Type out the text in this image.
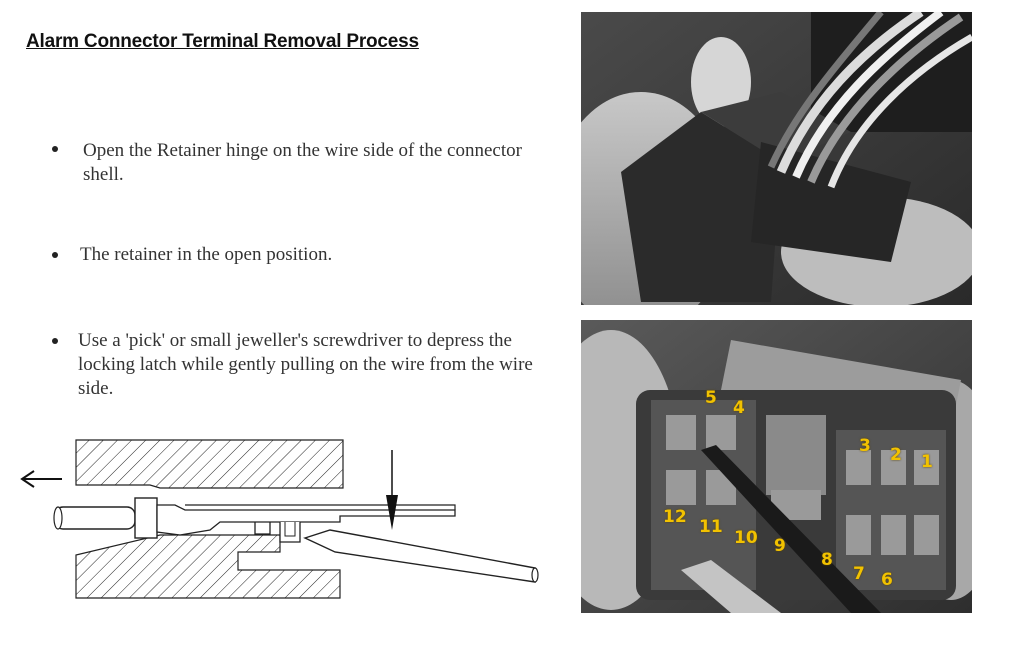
Alarm Connector Terminal Removal Process
Open the Retainer hinge on the wire side of the connector shell.
The retainer in the open position.
Use a 'pick' or small jeweller's screwdriver to depress the locking latch while gently pulling on the wire from the wire side.
1
2
3
4
5
6
7
8
9
10
11
12
